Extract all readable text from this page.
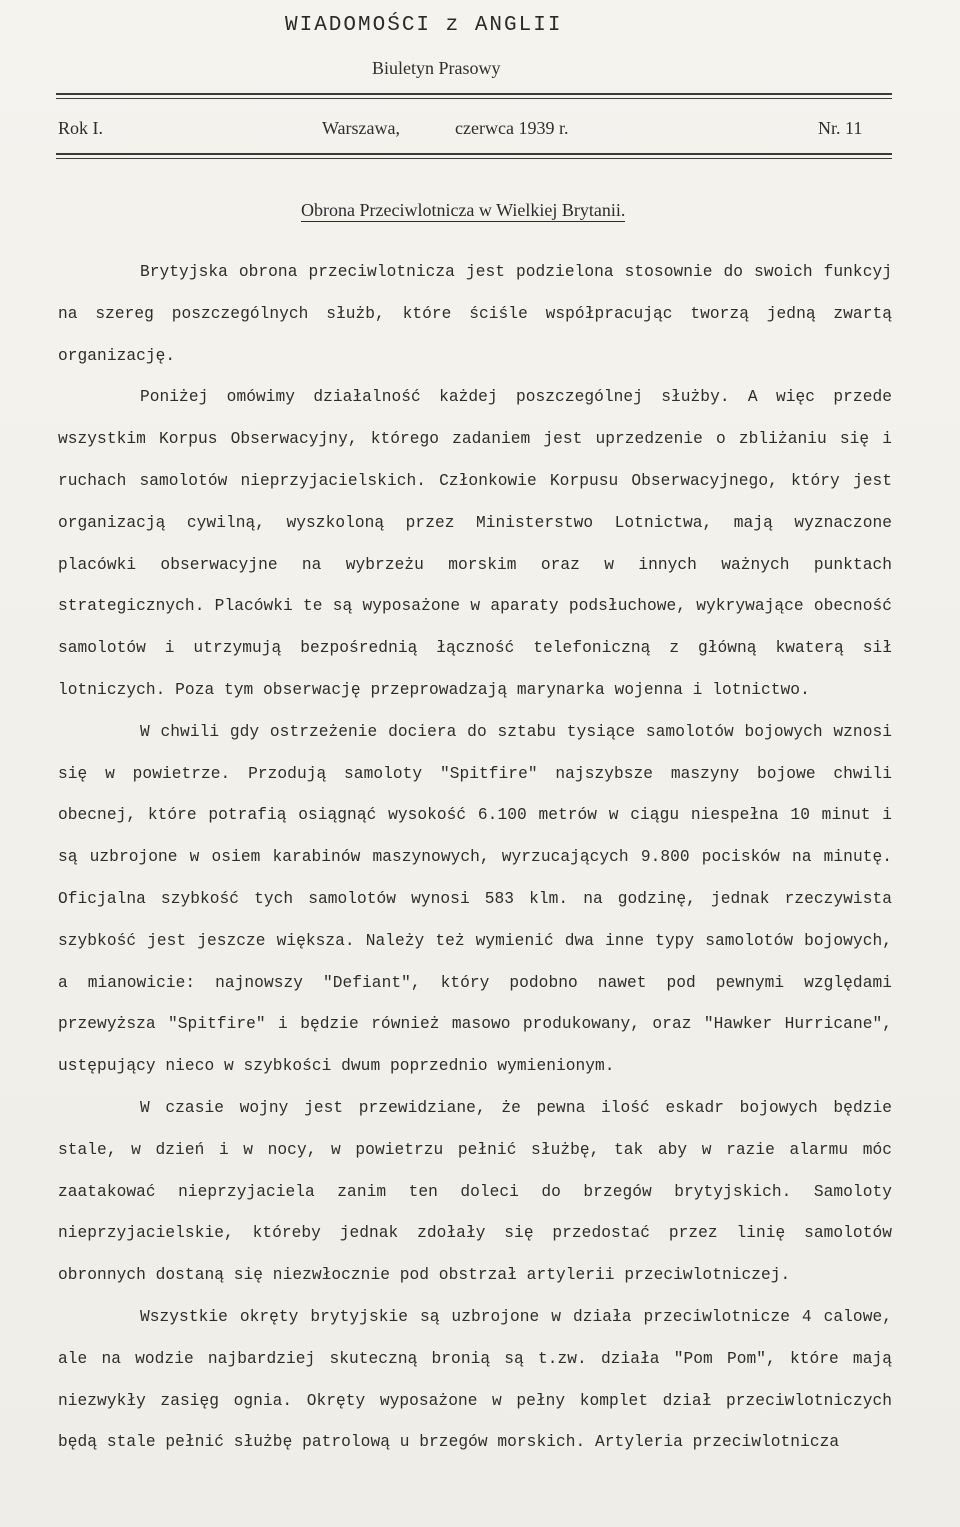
WIADOMOŚCI z ANGLII
Biuletyn Prasowy
Rok I.	Warszawa,	czerwca 1939 r.	Nr. 11
Obrona Przeciwlotnicza w Wielkiej Brytanii.

Brytyjska obrona przeciwlotnicza jest podzielona stosownie do swoich funkcyj na szereg poszczególnych służb, które ściśle współpracując tworzą jedną zwartą organizację.

Poniżej omówimy działalność każdej poszczególnej służby. A więc przede wszystkim Korpus Obserwacyjny, którego zadaniem jest uprzedzenie o zbliżaniu się i ruchach samolotów nieprzyjacielskich. Członkowie Korpusu Obserwacyjnego, który jest organizacją cywilną, wyszkoloną przez Ministerstwo Lotnictwa, mają wyznaczone placówki obserwacyjne na wybrzeżu morskim oraz w innych ważnych punktach strategicznych. Placówki te są wyposażone w aparaty podsłuchowe, wykrywające obecność samolotów i utrzymują bezpośrednią łączność telefoniczną z główną kwaterą sił lotniczych. Poza tym obserwację przeprowadzają marynarka wojenna i lotnictwo.

W chwili gdy ostrzeżenie dociera do sztabu tysiące samolotów bojowych wznosi się w powietrze. Przodują samoloty "Spitfire" najszybsze maszyny bojowe chwili obecnej, które potrafią osiągnąć wysokość 6.100 metrów w ciągu niespełna 10 minut i są uzbrojone w osiem karabinów maszynowych, wyrzucających 9.800 pocisków na minutę. Oficjalna szybkość tych samolotów wynosi 583 klm. na godzinę, jednak rzeczywista szybkość jest jeszcze większa. Należy też wymienić dwa inne typy samolotów bojowych, a mianowicie: najnowszy "Defiant", który podobno nawet pod pewnymi względami przewyższa "Spitfire" i będzie również masowo produkowany, oraz "Hawker Hurricane", ustępujący nieco w szybkości dwum poprzednio wymienionym.

W czasie wojny jest przewidziane, że pewna ilość eskadr bojowych będzie stale, w dzień i w nocy, w powietrzu pełnić służbę, tak aby w razie alarmu móc zaatakować nieprzyjaciela zanim ten doleci do brzegów brytyjskich. Samoloty nieprzyjacielskie, któreby jednak zdołały się przedostać przez linię samolotów obronnych dostaną się niezwłocznie pod obstrzał artylerii przeciwlotniczej.

Wszystkie okręty brytyjskie są uzbrojone w działa przeciwlotnicze 4 calowe, ale na wodzie najbardziej skuteczną bronią są t.zw. działa "Pom Pom", które mają niezwykły zasięg ognia. Okręty wyposażone w pełny komplet dział przeciwlotniczych będą stale pełnić służbę patrolową u brzegów morskich. Artyleria przeciwlotnicza
